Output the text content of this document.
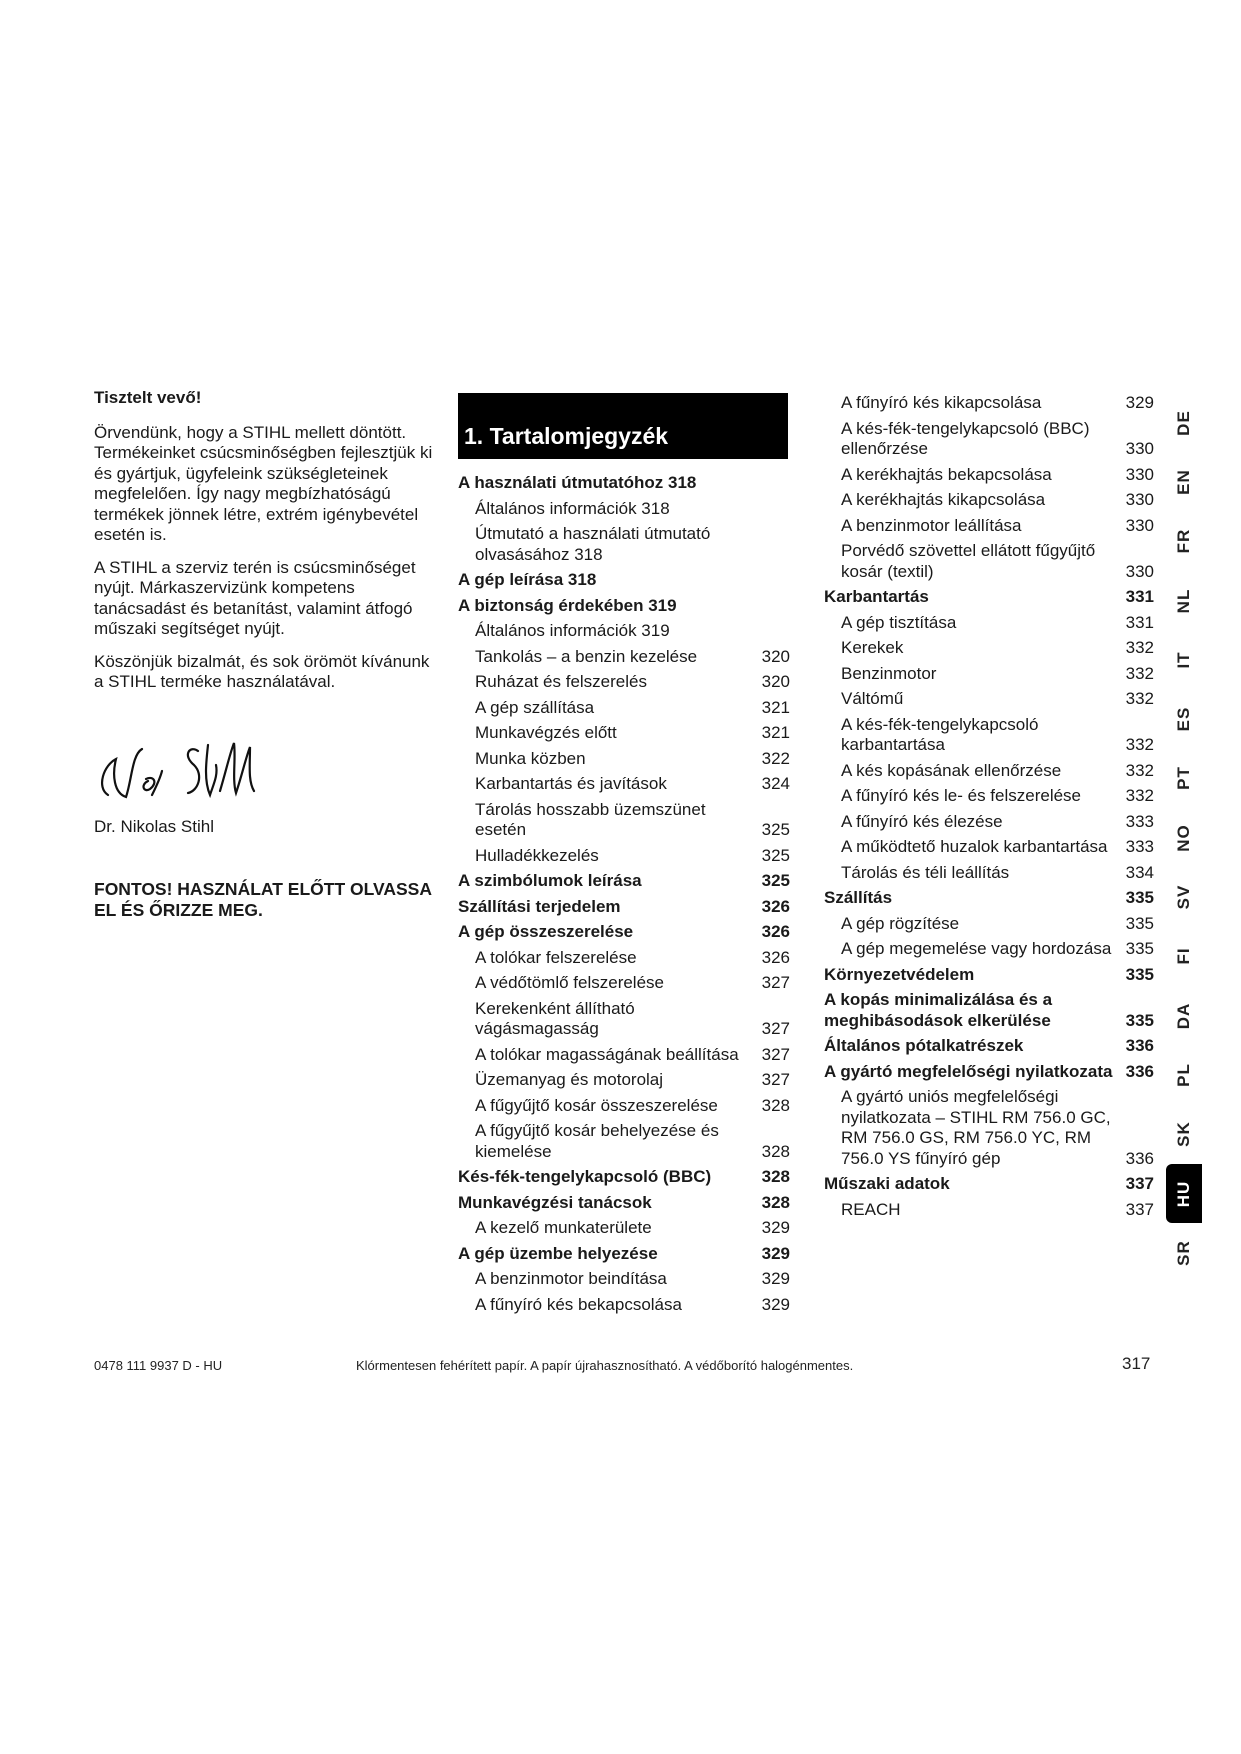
Tisztelt vevő!

Örvendünk, hogy a STIHL mellett döntött. Termékeinket csúcsminőségben fejlesztjük ki és gyártjuk, ügyfeleink szükségleteinek megfelelően. Így nagy megbízhatóságú termékek jönnek létre, extrém igénybevétel esetén is.

A STIHL a szerviz terén is csúcsminőséget nyújt. Márkaszervizünk kompetens tanácsadást és betanítást, valamint átfogó műszaki segítséget nyújt.

Köszönjük bizalmát, és sok örömöt kívánunk a STIHL terméke használatával.

Dr. Nikolas Stihl

FONTOS! HASZNÁLAT ELŐTT OLVASSA EL ÉS ŐRIZZE MEG.

1. Tartalomjegyzék
A használati útmutatóhoz 318
Általános információk 318
Útmutató a használati útmutató olvasásához 318
A gép leírása 318
A biztonság érdekében 319
Általános információk 319
Tankolás – a benzin kezelése	320
Ruházat és felszerelés	320
A gép szállítása	321
Munkavégzés előtt	321
Munka közben	322
Karbantartás és javítások	324
Tárolás hosszabb üzemszünet esetén	325
Hulladékkezelés	325
A szimbólumok leírása	325
Szállítási terjedelem	326
A gép összeszerelése	326
A tolókar felszerelése	326
A védőtömlő felszerelése	327
Kerekenként állítható vágásmagasság	327
A tolókar magasságának beállítása	327
Üzemanyag és motorolaj	327
A fűgyűjtő kosár összeszerelése	328
A fűgyűjtő kosár behelyezése és kiemelése	328
Kés-fék-tengelykapcsoló (BBC)	328
Munkavégzési tanácsok	328
A kezelő munkaterülete	329
A gép üzembe helyezése	329
A benzinmotor beindítása	329
A fűnyíró kés bekapcsolása	329
A fűnyíró kés kikapcsolása	329
A kés-fék-tengelykapcsoló (BBC) ellenőrzése	330
A kerékhajtás bekapcsolása	330
A kerékhajtás kikapcsolása	330
A benzinmotor leállítása	330
Porvédő szövettel ellátott fűgyűjtő kosár (textil)	330
Karbantartás	331
A gép tisztítása	331
Kerekek	332
Benzinmotor	332
Váltómű	332
A kés-fék-tengelykapcsoló karbantartása	332
A kés kopásának ellenőrzése	332
A fűnyíró kés le- és felszerelése	332
A fűnyíró kés élezése	333
A működtető huzalok karbantartása	333
Tárolás és téli leállítás	334
Szállítás	335
A gép rögzítése	335
A gép megemelése vagy hordozása 335
Környezetvédelem	335
A kopás minimalizálása és a meghibásodások elkerülése	335
Általános pótalkatrészek	336
A gyártó megfelelőségi nyilatkozata 336
A gyártó uniós megfelelőségi nyilatkozata – STIHL RM 756.0 GC, RM 756.0 GS, RM 756.0 YC, RM 756.0 YS fűnyíró gép	336
Műszaki adatok	337
REACH	337
DE
EN
FR
NL
IT
ES
PT
NO
SV
FI
DA
PL
SK
HU
SR
0478 111 9937 D - HU	Klórmentesen fehérített papír. A papír újrahasznosítható. A védőborító halogénmentes.	317
